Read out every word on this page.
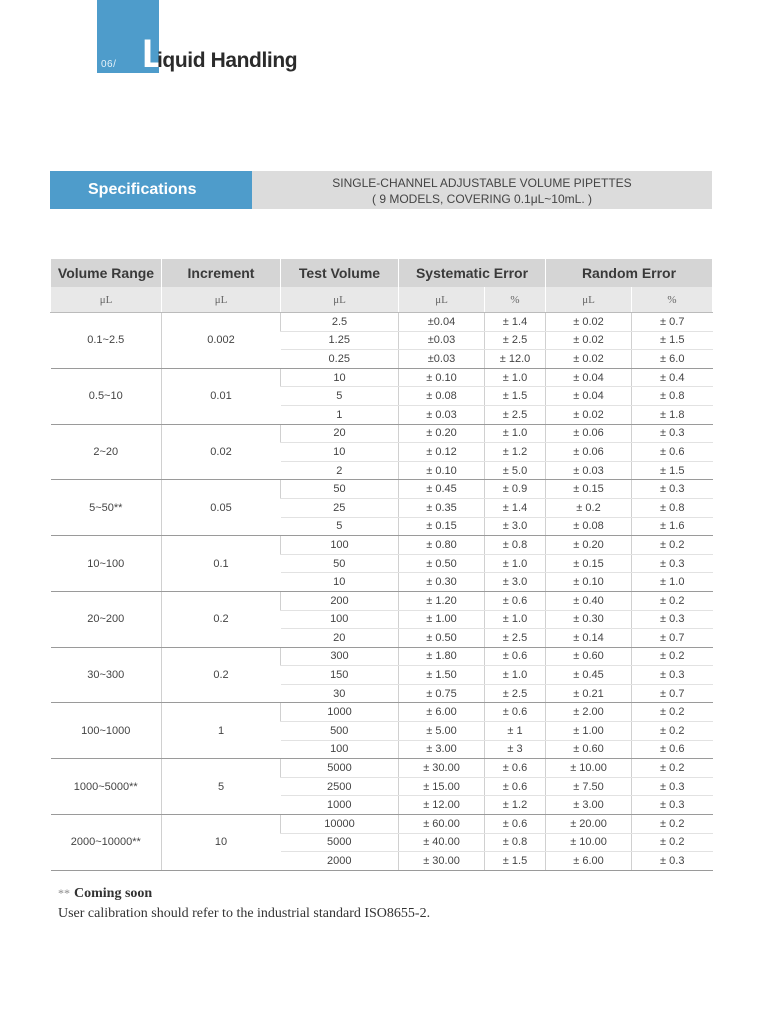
06/ L
iquid Handling
Specifications	SINGLE-CHANNEL ADJUSTABLE VOLUME PIPETTES
( 9 MODELS, COVERING 0.1μL~10mL. )
Volume Range	Increment	Test Volume	Systematic Error		Random Error	
μL	μL	μL	μL	%	μL	%
0.1~2.5	0.002	2.5	±0.04	± 1.4	± 0.02	± 0.7
		1.25	±0.03	± 2.5	± 0.02	± 1.5
		0.25	±0.03	± 12.0	± 0.02	± 6.0
0.5~10	0.01	10	± 0.10	± 1.0	± 0.04	± 0.4
		5	± 0.08	± 1.5	± 0.04	± 0.8
		1	± 0.03	± 2.5	± 0.02	± 1.8
2~20	0.02	20	± 0.20	± 1.0	± 0.06	± 0.3
		10	± 0.12	± 1.2	± 0.06	± 0.6
		2	± 0.10	± 5.0	± 0.03	± 1.5
5~50**	0.05	50	± 0.45	± 0.9	± 0.15	± 0.3
		25	± 0.35	± 1.4	± 0.2	± 0.8
		5	± 0.15	± 3.0	± 0.08	± 1.6
10~100	0.1	100	± 0.80	± 0.8	± 0.20	± 0.2
		50	± 0.50	± 1.0	± 0.15	± 0.3
		10	± 0.30	± 3.0	± 0.10	± 1.0
20~200	0.2	200	± 1.20	± 0.6	± 0.40	± 0.2
		100	± 1.00	± 1.0	± 0.30	± 0.3
		20	± 0.50	± 2.5	± 0.14	± 0.7
30~300	0.2	300	± 1.80	± 0.6	± 0.60	± 0.2
		150	± 1.50	± 1.0	± 0.45	± 0.3
		30	± 0.75	± 2.5	± 0.21	± 0.7
100~1000	1	1000	± 6.00	± 0.6	± 2.00	± 0.2
		500	± 5.00	± 1	± 1.00	± 0.2
		100	± 3.00	± 3	± 0.60	± 0.6
1000~5000**	5	5000	± 30.00	± 0.6	± 10.00	± 0.2
		2500	± 15.00	± 0.6	± 7.50	± 0.3
		1000	± 12.00	± 1.2	± 3.00	± 0.3
2000~10000**	10	10000	± 60.00	± 0.6	± 20.00	± 0.2
		5000	± 40.00	± 0.8	± 10.00	± 0.2
		2000	± 30.00	± 1.5	± 6.00	± 0.3
** Coming soon
User calibration should refer to the industrial standard ISO8655-2.
